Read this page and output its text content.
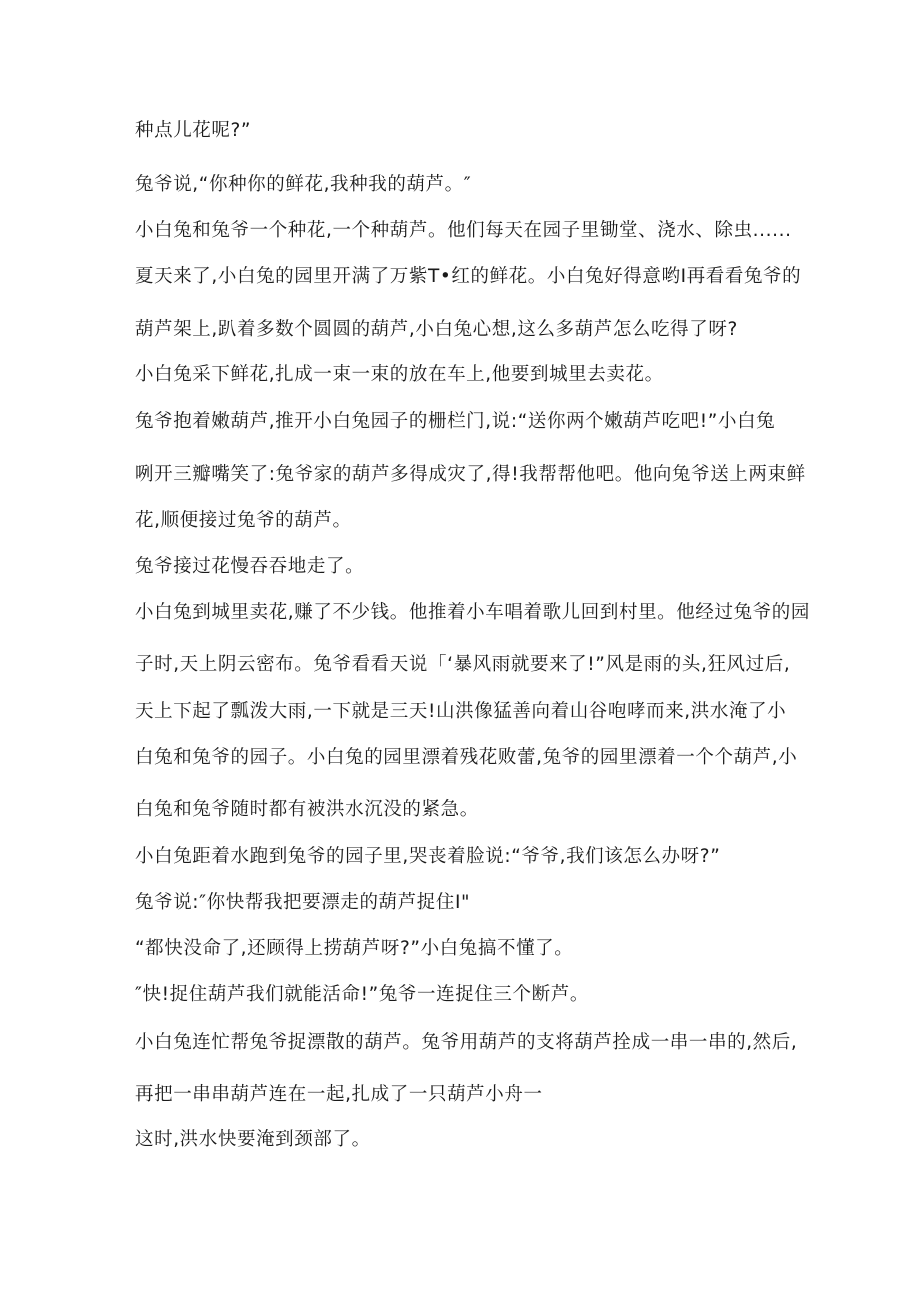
种点儿花呢?”
兔爷说,“你种你的鲜花,我种我的葫芦。″
小白兔和兔爷一个种花,一个种葫芦。他们每天在园子里锄堂、浇水、除虫......
夏天来了,小白兔的园里开满了万紫T•红的鲜花。小白兔好得意哟I再看看兔爷的
葫芦架上,趴着多数个圆圆的葫芦,小白兔心想,这么多葫芦怎么吃得了呀?
小白兔采下鲜花,扎成一束一束的放在车上,他要到城里去卖花。
兔爷抱着嫩葫芦,推开小白兔园子的栅栏门,说:“送你两个嫩葫芦吃吧!”小白兔
咧开三瓣嘴笑了:兔爷家的葫芦多得成灾了,得!我帮帮他吧。他向兔爷送上两束鲜
花,顺便接过兔爷的葫芦。
兔爷接过花慢吞吞地走了。
小白兔到城里卖花,赚了不少钱。他推着小车唱着歌儿回到村里。他经过兔爷的园
子时,天上阴云密布。兔爷看看天说「‘暴风雨就要来了!”风是雨的头,狂风过后,
天上下起了瓢泼大雨,一下就是三天!山洪像猛善向着山谷咆哮而来,洪水淹了小
白兔和兔爷的园子。小白兔的园里漂着残花败蕾,兔爷的园里漂着一个个葫芦,小
白兔和兔爷随时都有被洪水沉没的紧急。
小白兔距着水跑到兔爷的园子里,哭丧着脸说:“爷爷,我们该怎么办呀?”
兔爷说:″你快帮我把要漂走的葫芦捉住I"
“都快没命了,还顾得上捞葫芦呀?”小白兔搞不懂了。
″快!捉住葫芦我们就能活命!”兔爷一连捉住三个断芦。
小白兔连忙帮兔爷捉漂散的葫芦。兔爷用葫芦的支将葫芦拴成一串一串的,然后,
再把一串串葫芦连在一起,扎成了一只葫芦小舟一
这时,洪水快要淹到颈部了。
